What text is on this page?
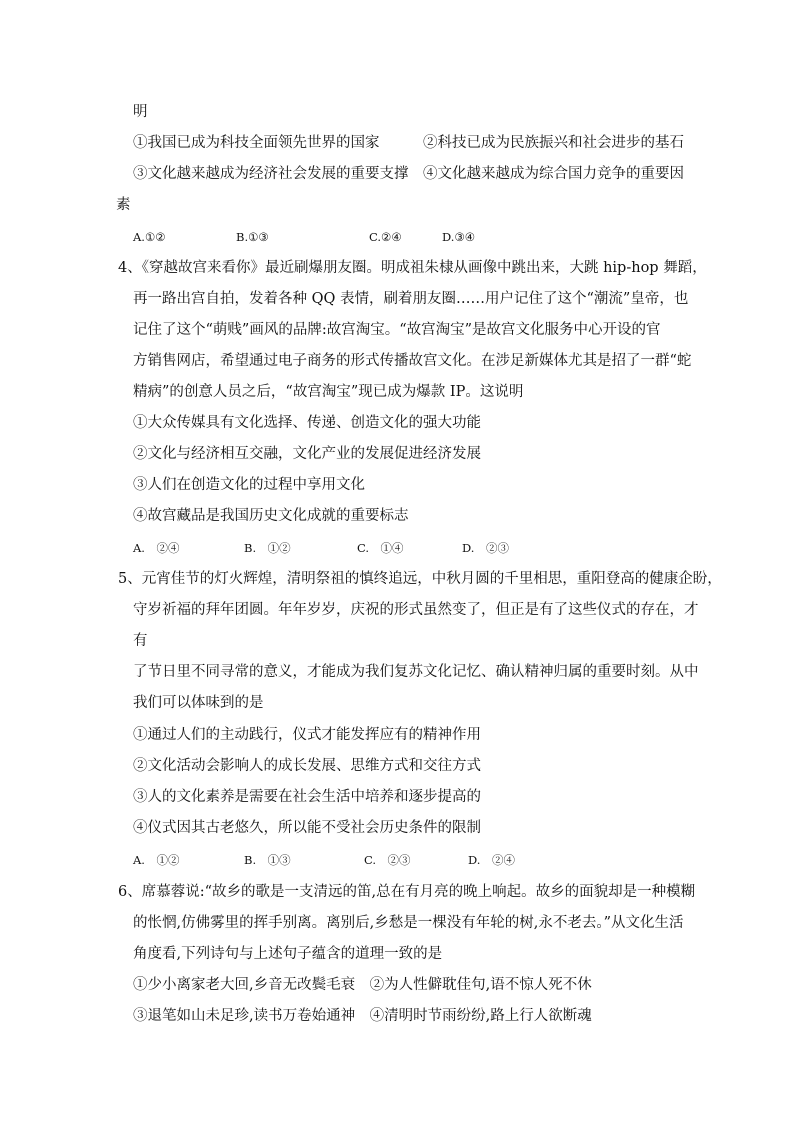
明
①我国已成为科技全面领先世界的国家　　　②科技已成为民族振兴和社会进步的基石
③文化越来越成为经济社会发展的重要支撑　④文化越来越成为综合国力竞争的重要因
素
A.①②	B.①③	C.②④	D.③④
4、《穿越故宫来看你》最近刷爆朋友圈。明成祖朱棣从画像中跳出来，大跳 hip-hop 舞蹈，
再一路出宫自拍，发着各种 QQ 表情，刷着朋友圈……用户记住了这个“潮流”皇帝，也
记住了这个“萌贱”画风的品牌:故宫淘宝。“故宫淘宝”是故宫文化服务中心开设的官
方销售网店，希望通过电子商务的形式传播故宫文化。在涉足新媒体尤其是招了一群“蛇
精病”的创意人员之后，“故宫淘宝”现已成为爆款 IP。这说明
①大众传媒具有文化选择、传递、创造文化的强大功能
②文化与经济相互交融，文化产业的发展促进经济发展
③人们在创造文化的过程中享用文化
④故宫藏品是我国历史文化成就的重要标志
A.　②④	B.　①②	C.　①④	D.　②③
5、元宵佳节的灯火辉煌，清明祭祖的慎终追远，中秋月圆的千里相思，重阳登高的健康企盼，
守岁祈福的拜年团圆。年年岁岁，庆祝的形式虽然变了，但正是有了这些仪式的存在，才
有
了节日里不同寻常的意义，才能成为我们复苏文化记忆、确认精神归属的重要时刻。从中
我们可以体味到的是
①通过人们的主动践行，仪式才能发挥应有的精神作用
②文化活动会影响人的成长发展、思维方式和交往方式
③人的文化素养是需要在社会生活中培养和逐步提高的
④仪式因其古老悠久，所以能不受社会历史条件的限制
A.　①②	B.　①③	C.　②③	D.　②④
6、席慕蓉说:“故乡的歌是一支清远的笛,总在有月亮的晚上响起。故乡的面貌却是一种模糊
的怅惘,仿佛雾里的挥手别离。离别后,乡愁是一棵没有年轮的树,永不老去。”从文化生活
角度看,下列诗句与上述句子蕴含的道理一致的是
①少小离家老大回,乡音无改鬓毛衰　②为人性僻耽佳句,语不惊人死不休
③退笔如山未足珍,读书万卷始通神　④清明时节雨纷纷,路上行人欲断魂
